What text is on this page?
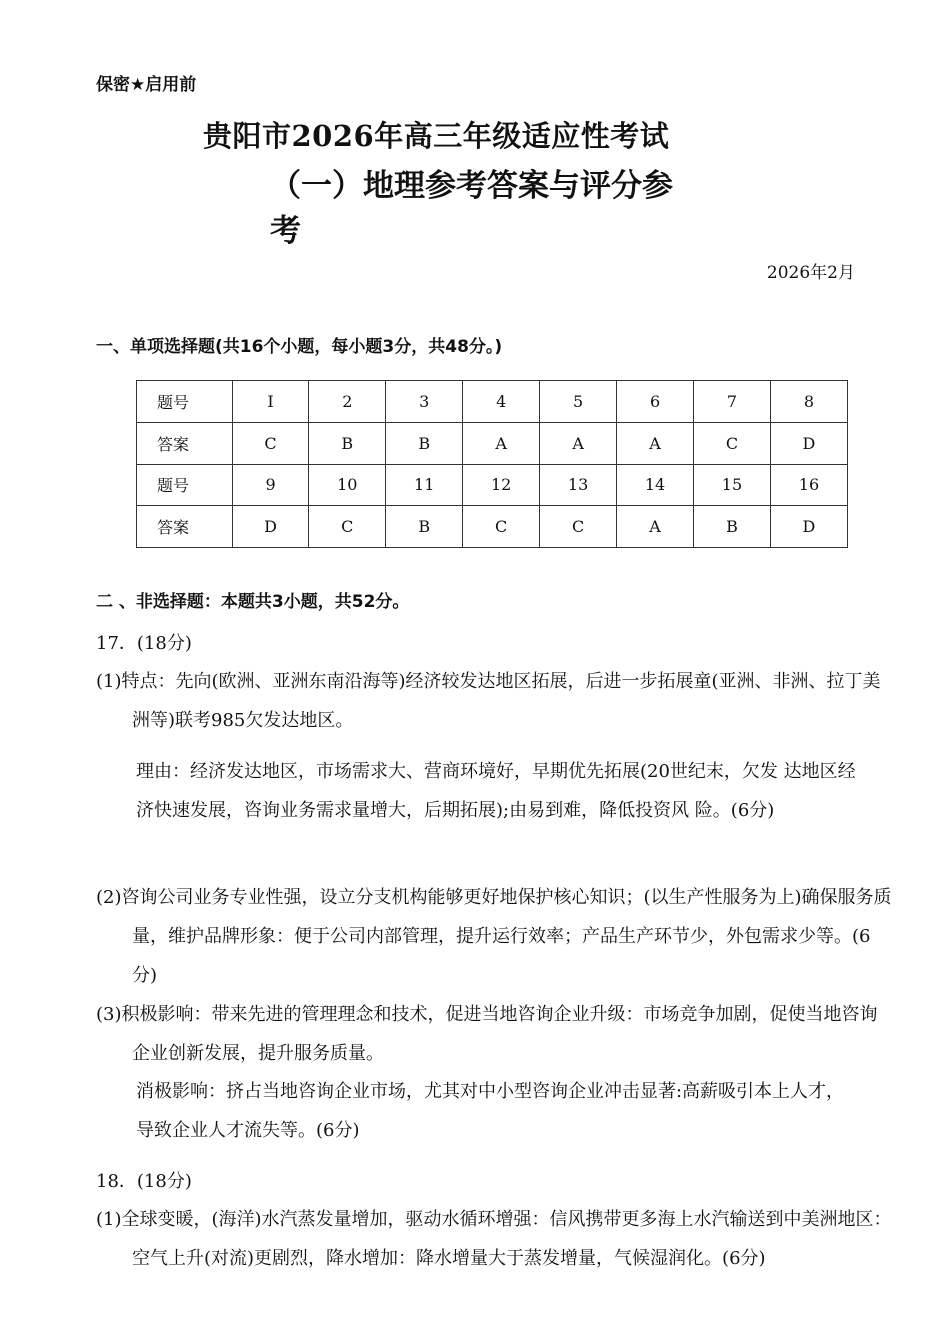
保密★启用前
贵阳市2026年高三年级适应性考试
（一）地理参考答案与评分参
考
2026年2月
一、单项选择题(共16个小题，每小题3分，共48分。)
题号	I	2	3	4	5	6	7	8
答案	C	B	B	A	A	A	C	D
题号	9	10	11	12	13	14	15	16
答案	D	C	B	C	C	A	B	D
二 、非选择题：本题共3小题，共52分。
17．(18分)
(1)特点：先向(欧洲、亚洲东南沿海等)经济较发达地区拓展，后进一步拓展童(亚洲、非洲、拉丁美洲等)联考985欠发达地区。
理由：经济发达地区，市场需求大、营商环境好，早期优先拓展(20世纪末，欠发 达地区经济快速发展，咨询业务需求量增大，后期拓展);由易到难，降低投资风 险。(6分)
(2)咨询公司业务专业性强，设立分支机构能够更好地保护核心知识；(以生产性服务为上)确保服务质量，维护品牌形象：便于公司内部管理，提升运行效率；产品生产环节少，外包需求少等。(6分)
(3)积极影响：带来先进的管理理念和技术，促进当地咨询企业升级：市场竞争加剧，促使当地咨询企业创新发展，提升服务质量。
消极影响：挤占当地咨询企业市场，尤其对中小型咨询企业冲击显著:高薪吸引本上人才，导致企业人才流失等。(6分)
18．(18分)
(1)全球变暖，(海洋)水汽蒸发量增加，驱动水循环增强：信风携带更多海上水汽输送到中美洲地区：空气上升(对流)更剧烈，降水增加：降水增量大于蒸发增量，气候湿润化。(6分)
